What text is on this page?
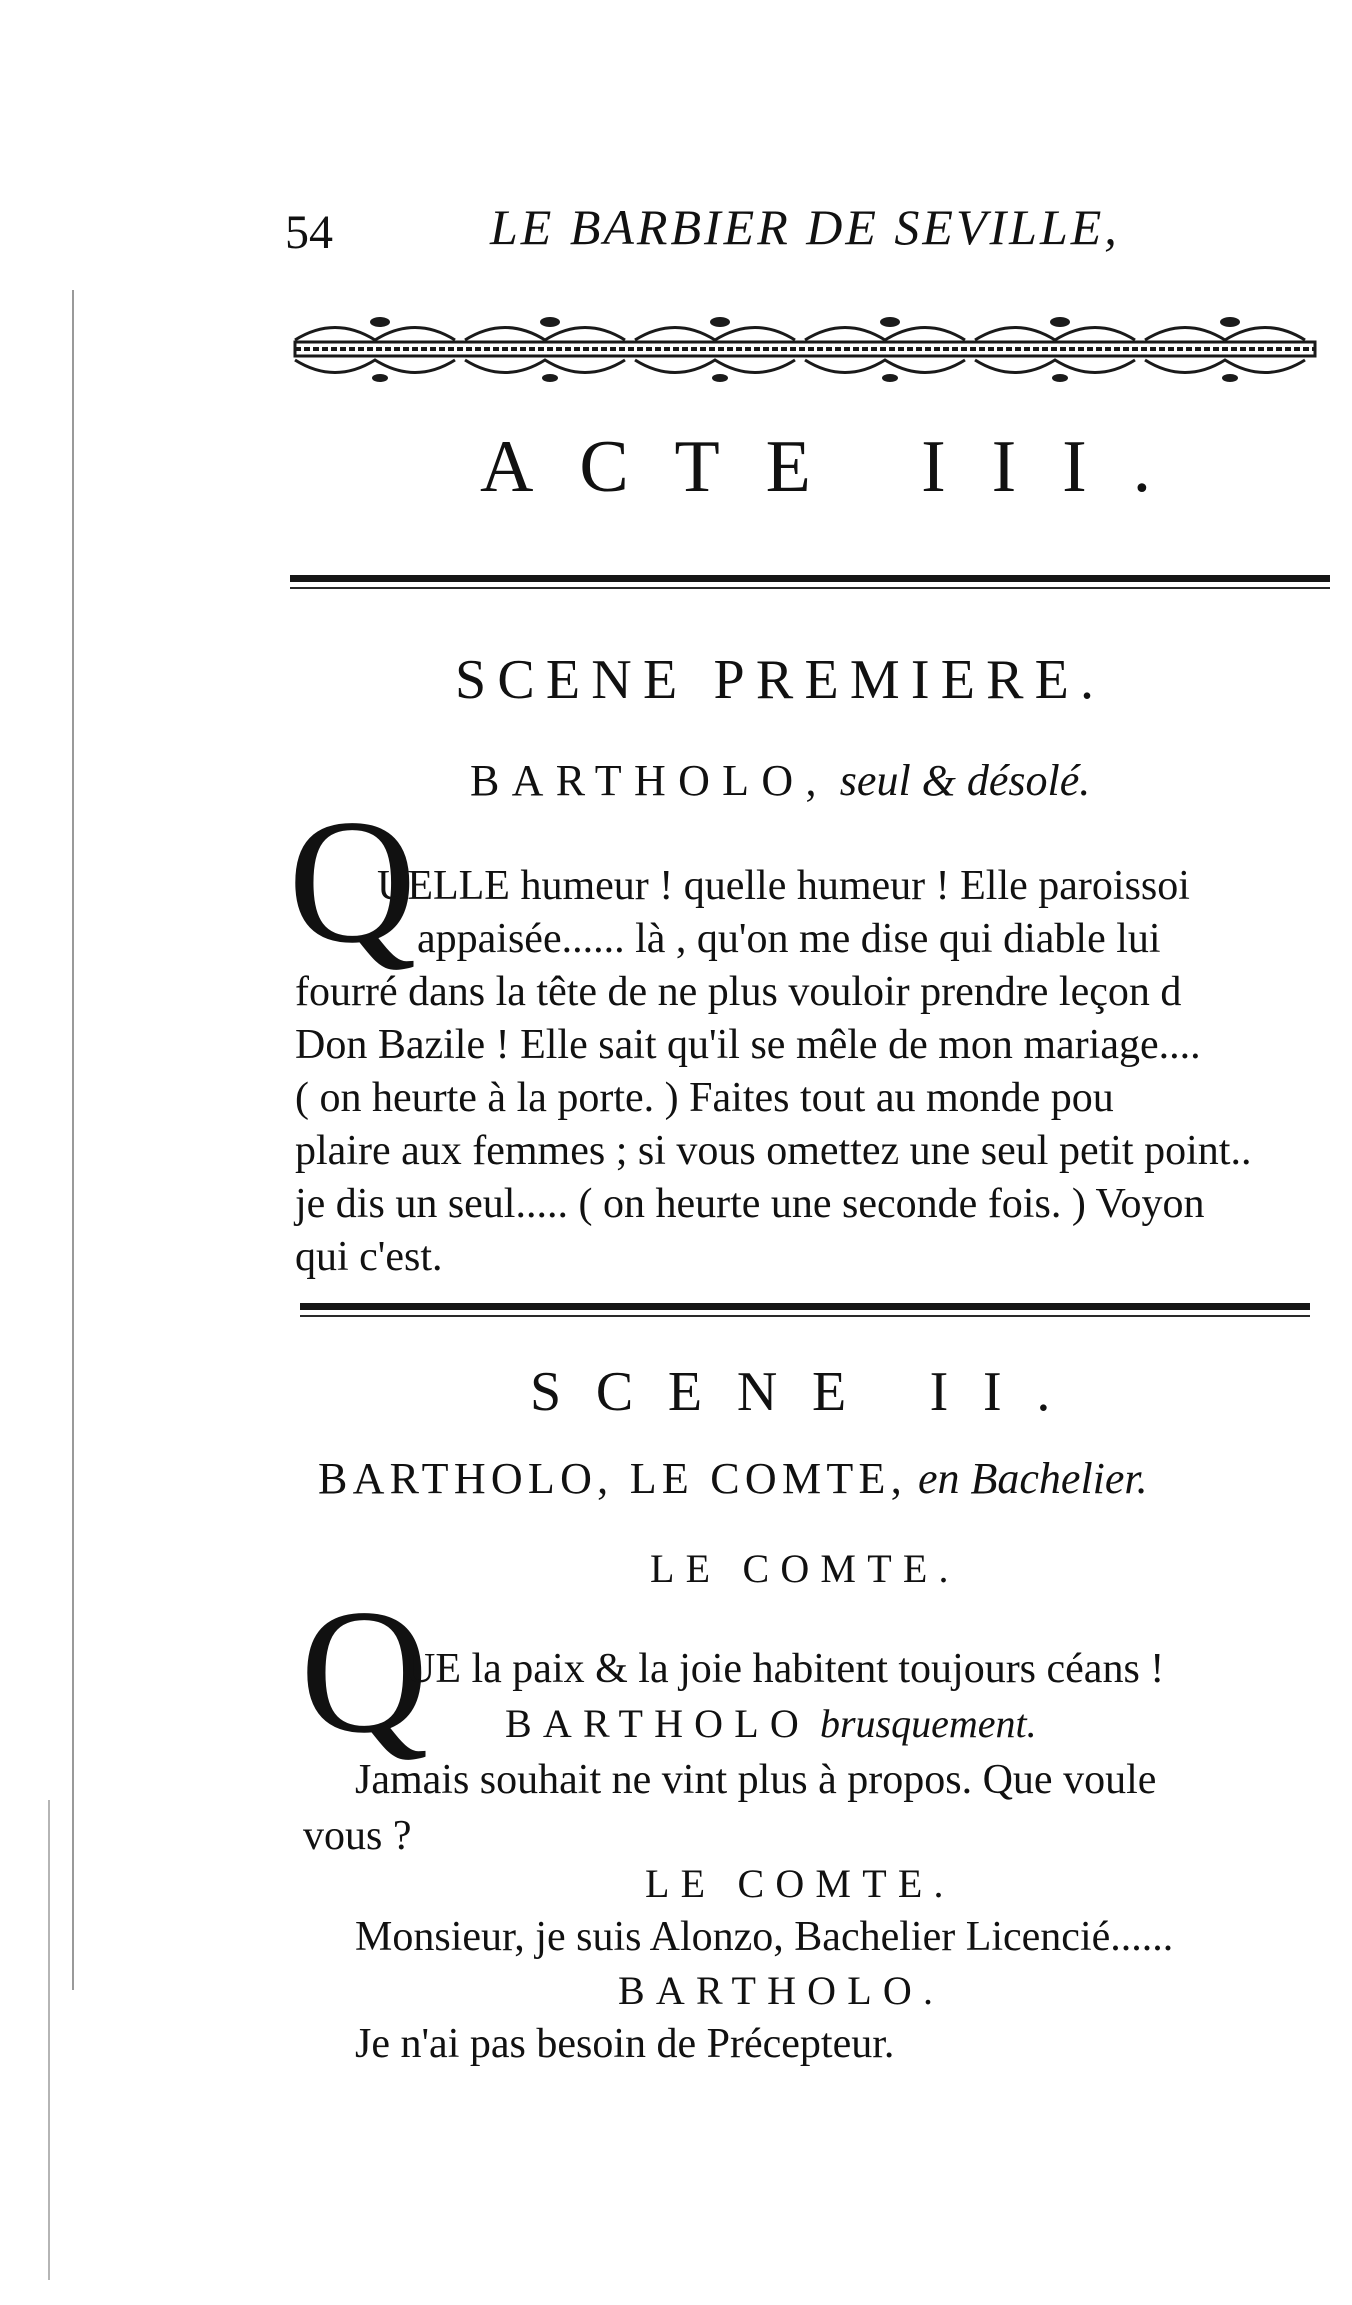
54	LE BARBIER DE SEVILLE,
ACTE III.
SCENE PREMIERE.
BARTHOLO, seul & désolé.
Q
UELLE humeur ! quelle humeur ! Elle paroissoi
appaisée...... là , qu'on me dise qui diable lui
fourré dans la tête de ne plus vouloir prendre leçon d
Don Bazile ! Elle sait qu'il se mêle de mon mariage....
( on heurte à la porte. ) Faites tout au monde pou
plaire aux femmes ; si vous omettez une seul petit point..
je dis un seul..... ( on heurte une seconde fois. ) Voyon
qui c'est.
SCENE II.
BARTHOLO, LE COMTE, en Bachelier.
LE COMTE.
Q
UE la paix & la joie habitent toujours céans !
BARTHOLO brusquement.
Jamais souhait ne vint plus à propos. Que voule
vous ?
LE COMTE.
Monsieur, je suis Alonzo, Bachelier Licencié......
BARTHOLO.
Je n'ai pas besoin de Précepteur.
